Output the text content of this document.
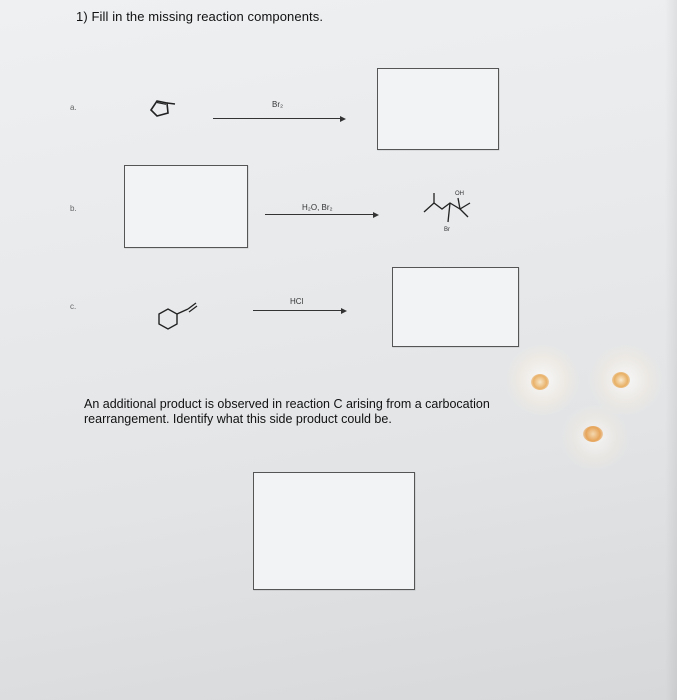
1) Fill in the missing reaction components.
a.	Br₂
b.	H₂O, Br₂
OH
Br
c.
HCl
An additional product is observed in reaction C arising from a carbocation rearrangement. Identify what this side product could be.
